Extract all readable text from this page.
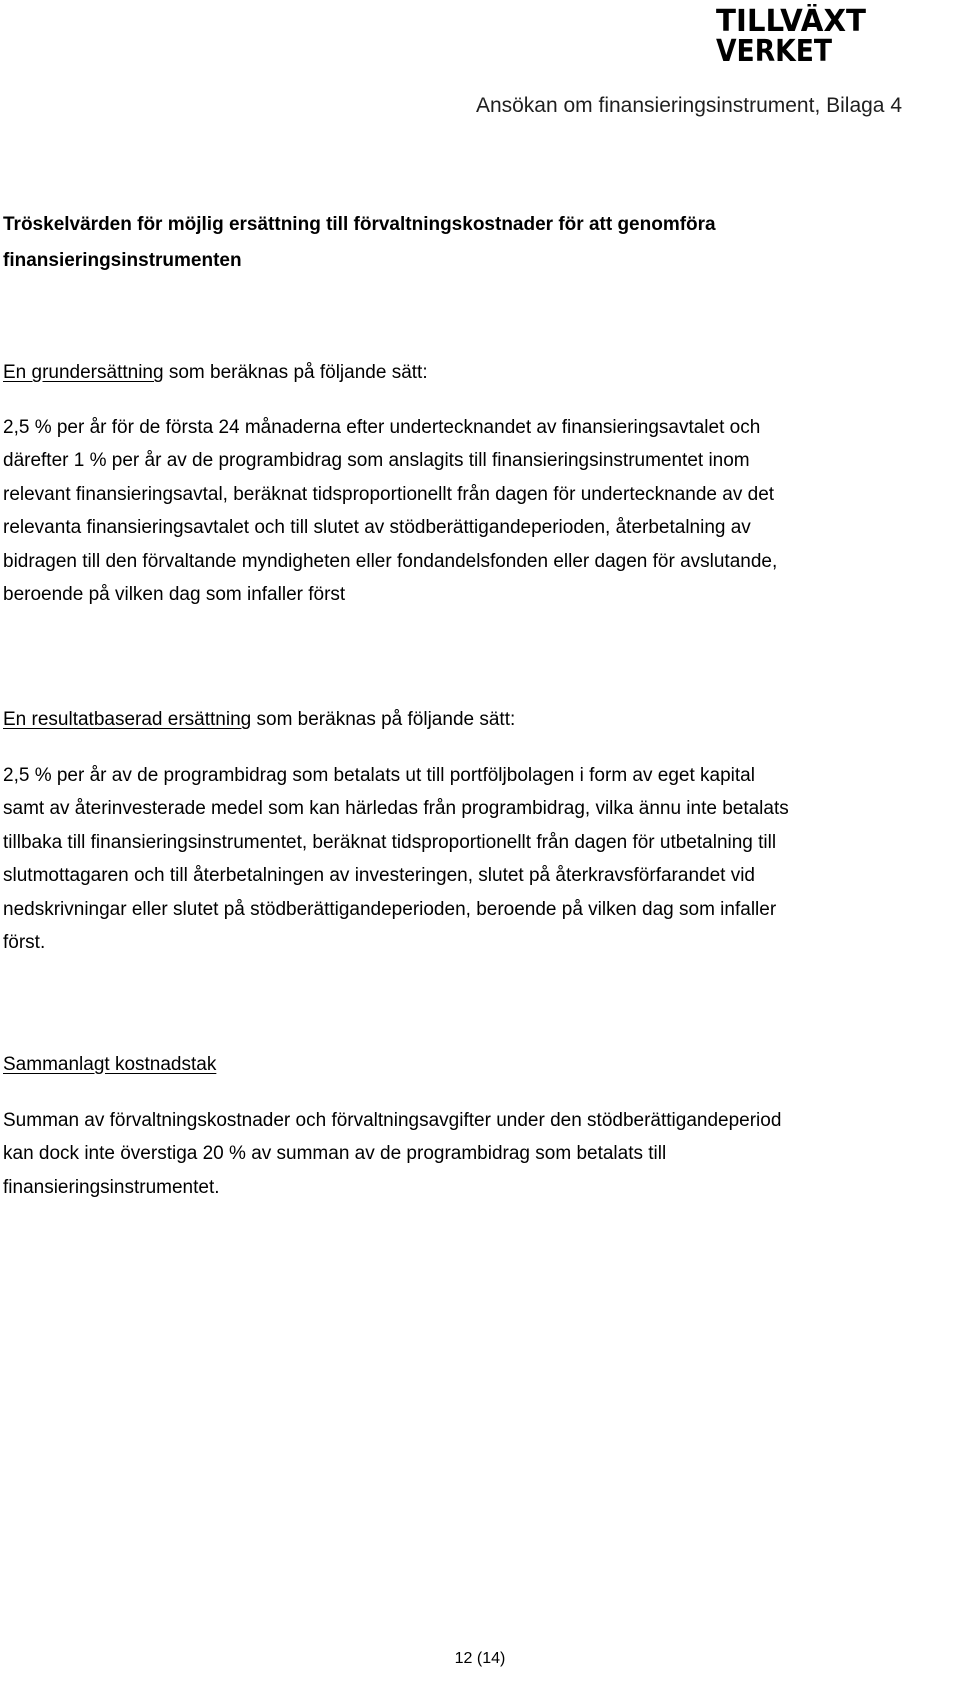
TILLVÄXT
VERKET
Ansökan om finansieringsinstrument, Bilaga 4
Tröskelvärden för möjlig ersättning till förvaltningskostnader för att genomföra
finansieringsinstrumenten
En grundersättning som beräknas på följande sätt:

2,5 % per år för de första 24 månaderna efter undertecknandet av finansieringsavtalet och
därefter 1 % per år av de programbidrag som anslagits till finansieringsinstrumentet inom
relevant finansieringsavtal, beräknat tidsproportionellt från dagen för undertecknande av det
relevanta finansieringsavtalet och till slutet av stödberättigandeperioden, återbetalning av
bidragen till den förvaltande myndigheten eller fondandelsfonden eller dagen för avslutande,
beroende på vilken dag som infaller först

En resultatbaserad ersättning som beräknas på följande sätt:

2,5 % per år av de programbidrag som betalats ut till portföljbolagen i form av eget kapital
samt av återinvesterade medel som kan härledas från programbidrag, vilka ännu inte betalats
tillbaka till finansieringsinstrumentet, beräknat tidsproportionellt från dagen för utbetalning till
slutmottagaren och till återbetalningen av investeringen, slutet på återkravsförfarandet vid
nedskrivningar eller slutet på stödberättigandeperioden, beroende på vilken dag som infaller
först.

Sammanlagt kostnadstak

Summan av förvaltningskostnader och förvaltningsavgifter under den stödberättigandeperiod
kan dock inte överstiga 20 % av summan av de programbidrag som betalats till
finansieringsinstrumentet.

12 (14)
